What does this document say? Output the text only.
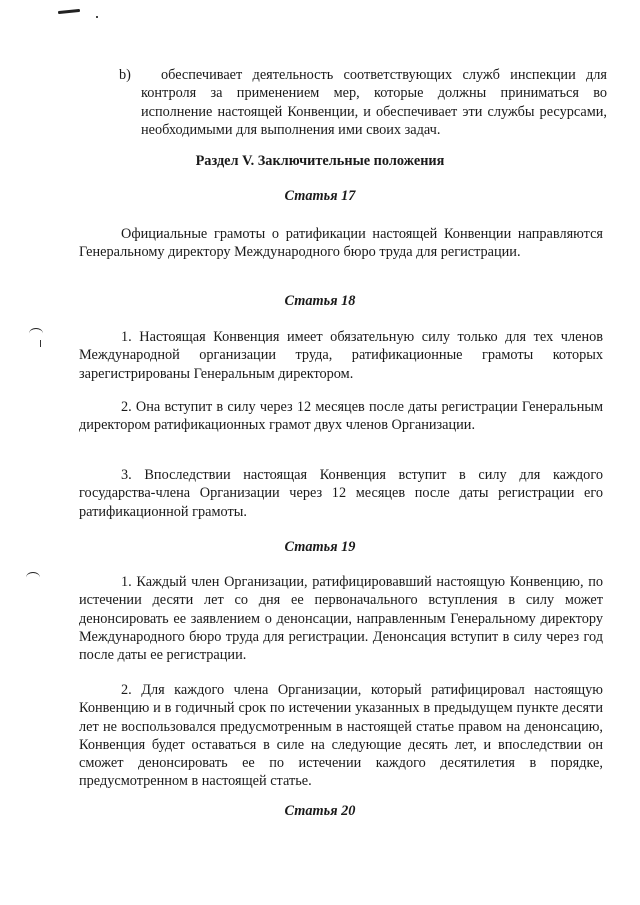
b)	обеспечивает деятельность соответствующих служб инспекции для контроля за применением мер, которые должны приниматься во исполнение настоящей Конвенции, и обеспечивает эти службы ресурсами, необходимыми для выполнения ими своих задач.

Раздел V. Заключительные положения
Статья 17

Официальные грамоты о ратификации настоящей Конвенции направляются Генеральному директору Международного бюро труда для регистрации.

Статья 18

1. Настоящая Конвенция имеет обязательную силу только для тех членов Международной организации труда, ратификационные грамоты которых зарегистрированы Генеральным директором.

2. Она вступит в силу через 12 месяцев после даты регистрации Генеральным директором ратификационных грамот двух членов Организации.

3. Впоследствии настоящая Конвенция вступит в силу для каждого государства-члена Организации через 12 месяцев после даты регистрации его ратификационной грамоты.

Статья 19

1. Каждый член Организации, ратифицировавший настоящую Конвенцию, по истечении десяти лет со дня ее первоначального вступления в силу может денонсировать ее заявлением о денонсации, направленным Генеральному директору Международного бюро труда для регистрации. Денонсация вступит в силу через год после даты ее регистрации.

2. Для каждого члена Организации, который ратифицировал настоящую Конвенцию и в годичный срок по истечении указанных в предыдущем пункте десяти лет не воспользовался предусмотренным в настоящей статье правом на денонсацию, Конвенция будет оставаться в силе на следующие десять лет, и впоследствии он сможет денонсировать ее по истечении каждого десятилетия в порядке, предусмотренном в настоящей статье.

Статья 20
